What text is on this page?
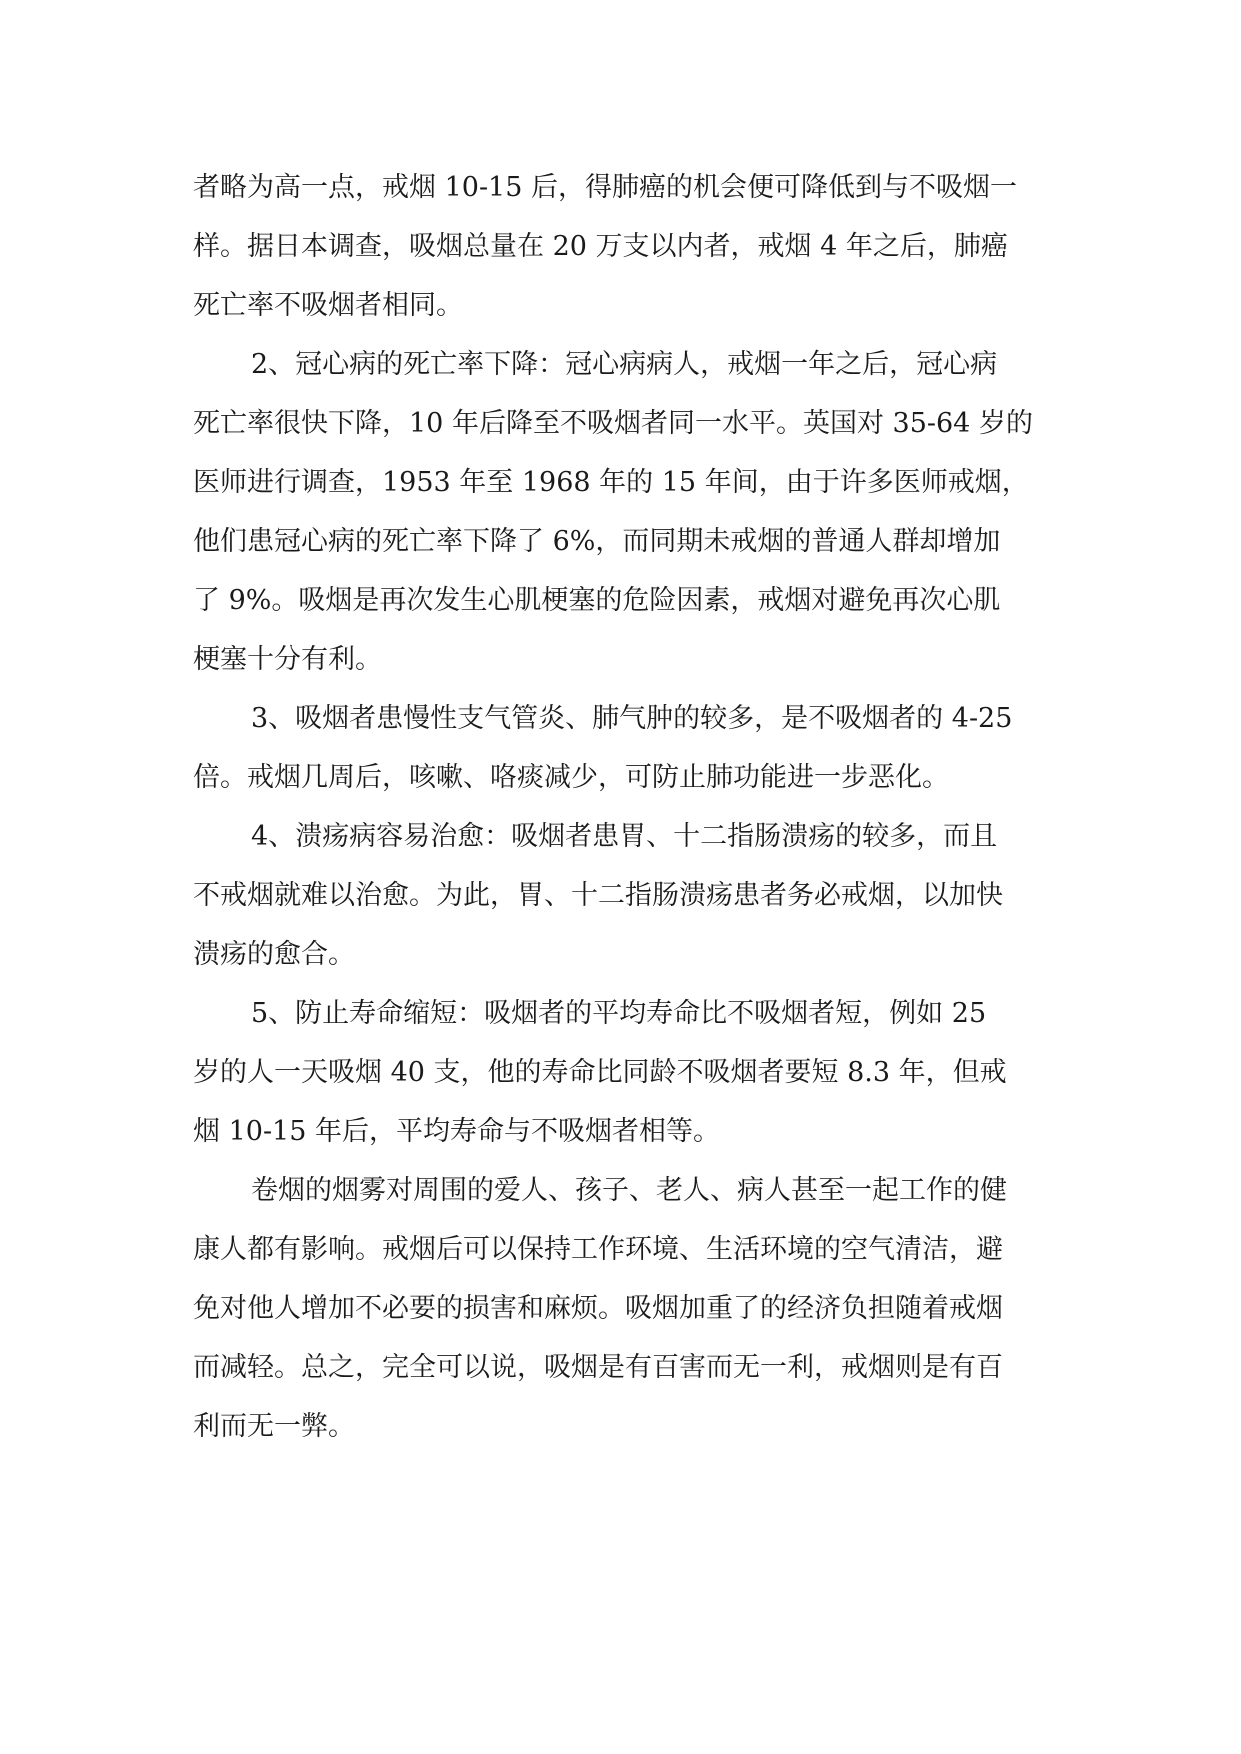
者略为高一点，戒烟 10-15 后，得肺癌的机会便可降低到与不吸烟一
样。据日本调查，吸烟总量在 20 万支以内者，戒烟 4 年之后，肺癌
死亡率不吸烟者相同。
2、冠心病的死亡率下降：冠心病病人，戒烟一年之后，冠心病
死亡率很快下降，10 年后降至不吸烟者同一水平。英国对 35-64 岁的
医师进行调查，1953 年至 1968 年的 15 年间，由于许多医师戒烟，
他们患冠心病的死亡率下降了 6%，而同期未戒烟的普通人群却增加
了 9%。吸烟是再次发生心肌梗塞的危险因素，戒烟对避免再次心肌
梗塞十分有利。
3、吸烟者患慢性支气管炎、肺气肿的较多，是不吸烟者的 4-25
倍。戒烟几周后，咳嗽、咯痰减少，可防止肺功能进一步恶化。
4、溃疡病容易治愈：吸烟者患胃、十二指肠溃疡的较多，而且
不戒烟就难以治愈。为此，胃、十二指肠溃疡患者务必戒烟，以加快
溃疡的愈合。
5、防止寿命缩短：吸烟者的平均寿命比不吸烟者短，例如 25
岁的人一天吸烟 40 支，他的寿命比同龄不吸烟者要短 8.3 年，但戒
烟 10-15 年后，平均寿命与不吸烟者相等。
卷烟的烟雾对周围的爱人、孩子、老人、病人甚至一起工作的健
康人都有影响。戒烟后可以保持工作环境、生活环境的空气清洁，避
免对他人增加不必要的损害和麻烦。吸烟加重了的经济负担随着戒烟
而减轻。总之，完全可以说，吸烟是有百害而无一利，戒烟则是有百
利而无一弊。
